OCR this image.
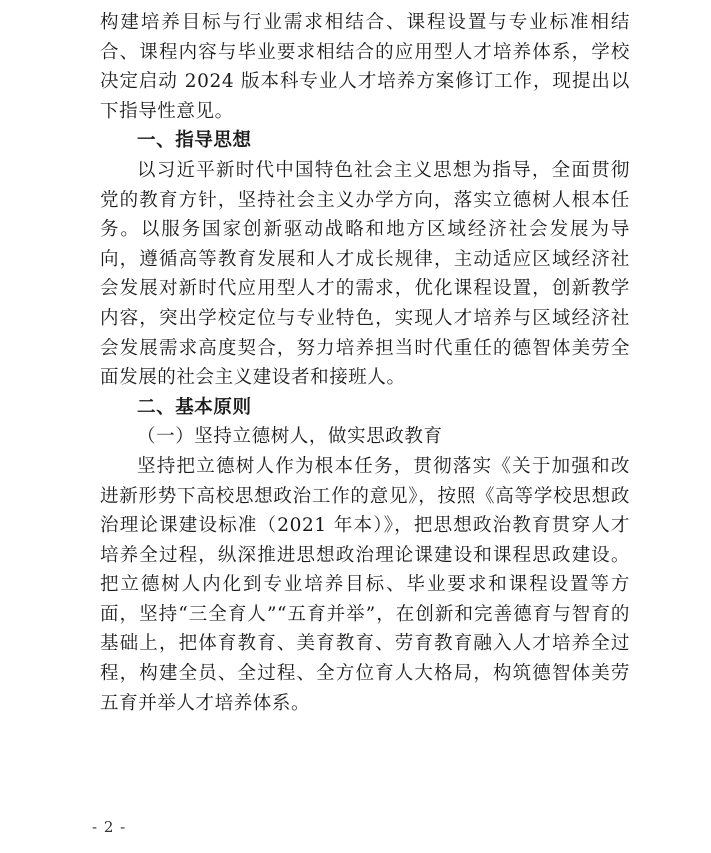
构建培养目标与行业需求相结合、课程设置与专业标准相结合、课程内容与毕业要求相结合的应用型人才培养体系，学校决定启动 2024 版本科专业人才培养方案修订工作，现提出以下指导性意见。

一、指导思想

以习近平新时代中国特色社会主义思想为指导，全面贯彻党的教育方针，坚持社会主义办学方向，落实立德树人根本任务。以服务国家创新驱动战略和地方区域经济社会发展为导向，遵循高等教育发展和人才成长规律，主动适应区域经济社会发展对新时代应用型人才的需求，优化课程设置，创新教学内容，突出学校定位与专业特色，实现人才培养与区域经济社会发展需求高度契合，努力培养担当时代重任的德智体美劳全面发展的社会主义建设者和接班人。

二、基本原则

（一）坚持立德树人，做实思政教育

坚持把立德树人作为根本任务，贯彻落实《关于加强和改进新形势下高校思想政治工作的意见》，按照《高等学校思想政治理论课建设标准（2021 年本）》，把思想政治教育贯穿人才培养全过程，纵深推进思想政治理论课建设和课程思政建设。把立德树人内化到专业培养目标、毕业要求和课程设置等方面，坚持“三全育人”“五育并举”，在创新和完善德育与智育的基础上，把体育教育、美育教育、劳育教育融入人才培养全过程，构建全员、全过程、全方位育人大格局，构筑德智体美劳五育并举人才培养体系。

- 2 -
